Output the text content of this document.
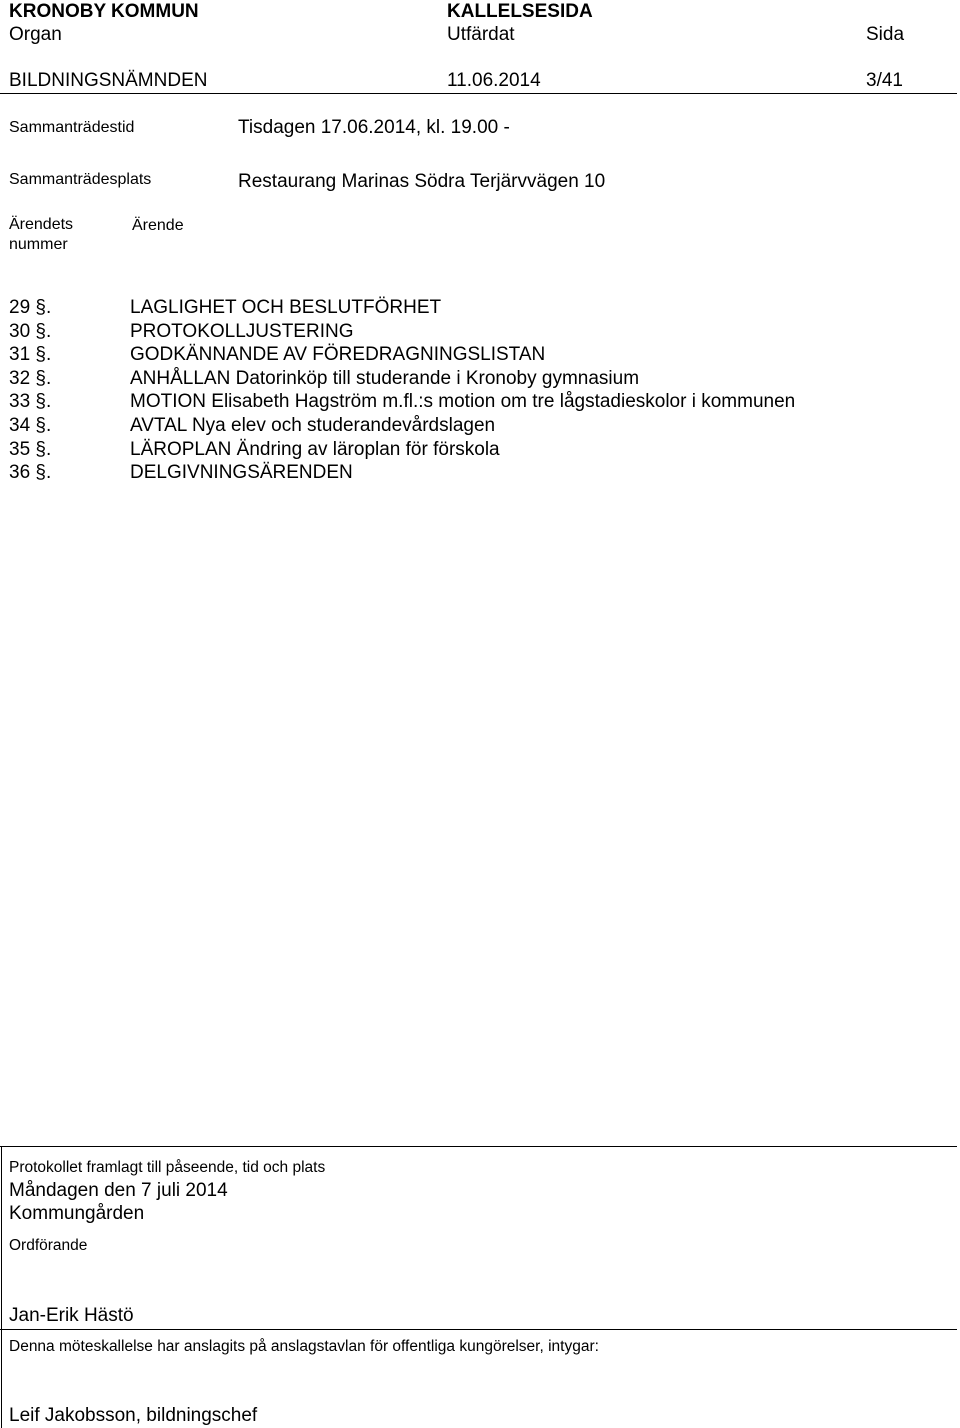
KRONOBY KOMMUN	KALLELSESIDA
Organ	Utfärdat	Sida
BILDNINGSNÄMNDEN	11.06.2014	3/41
Sammanträdestid	Tisdagen 17.06.2014, kl. 19.00 -
Sammanträdesplats	Restaurang Marinas Södra Terjärvvägen 10
Ärendets
nummer
Ärende
29 §.	LAGLIGHET OCH BESLUTFÖRHET
30 §.	PROTOKOLLJUSTERING
31 §.	GODKÄNNANDE AV FÖREDRAGNINGSLISTAN
32 §.	ANHÅLLAN Datorinköp till studerande i Kronoby gymnasium
33 §.	MOTION Elisabeth Hagström m.fl.:s motion om tre lågstadieskolor i kommunen
34 §.	AVTAL Nya elev och studerandevårdslagen
35 §.	LÄROPLAN Ändring av läroplan för förskola
36 §.	DELGIVNINGSÄRENDEN
Protokollet framlagt till påseende, tid och plats
Måndagen den 7 juli 2014
Kommungården
Ordförande
Jan-Erik Hästö
Denna möteskallelse har anslagits på anslagstavlan för offentliga kungörelser, intygar:
Leif Jakobsson, bildningschef
